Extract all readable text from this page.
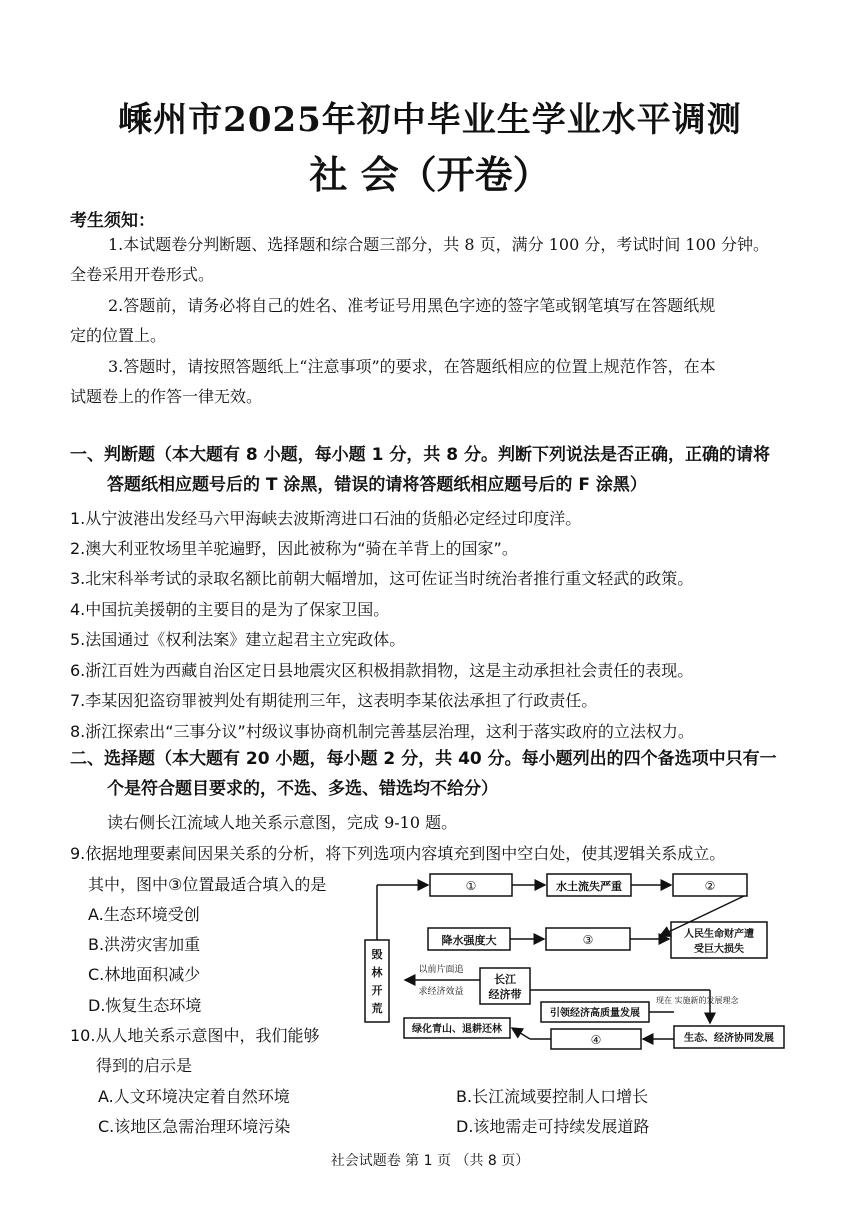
嵊州市2025年初中毕业生学业水平调测
社 会（开卷）
考生须知：
1.本试题卷分判断题、选择题和综合题三部分，共 8 页，满分 100 分，考试时间 100 分钟。
全卷采用开卷形式。
2.答题前，请务必将自己的姓名、准考证号用黑色字迹的签字笔或钢笔填写在答题纸规
定的位置上。
3.答题时，请按照答题纸上“注意事项”的要求，在答题纸相应的位置上规范作答，在本
试题卷上的作答一律无效。
一、判断题（本大题有 8 小题，每小题 1 分，共 8 分。判断下列说法是否正确，正确的请将
答题纸相应题号后的 T 涂黑，错误的请将答题纸相应题号后的 F 涂黑）
1.从宁波港出发经马六甲海峡去波斯湾进口石油的货船必定经过印度洋。
2.澳大利亚牧场里羊驼遍野，因此被称为“骑在羊背上的国家”。
3.北宋科举考试的录取名额比前朝大幅增加，这可佐证当时统治者推行重文轻武的政策。
4.中国抗美援朝的主要目的是为了保家卫国。
5.法国通过《权利法案》建立起君主立宪政体。
6.浙江百姓为西藏自治区定日县地震灾区积极捐款捐物，这是主动承担社会责任的表现。
7.李某因犯盗窃罪被判处有期徒刑三年，这表明李某依法承担了行政责任。
8.浙江探索出“三事分议”村级议事协商机制完善基层治理，这利于落实政府的立法权力。
二、选择题（本大题有 20 小题，每小题 2 分，共 40 分。每小题列出的四个备选项中只有一
个是符合题目要求的，不选、多选、错选均不给分）
读右侧长江流域人地关系示意图，完成 9-10 题。
9.依据地理要素间因果关系的分析，将下列选项内容填充到图中空白处，使其逻辑关系成立。
其中，图中③位置最适合填入的是
A.生态环境受创
B.洪涝灾害加重
C.林地面积减少
D.恢复生态环境
10.从人地关系示意图中，我们能够
得到的启示是
A.人文环境决定着自然环境	B.长江流域要控制人口增长
C.该地区急需治理环境污染	D.该地需走可持续发展道路
①	水土流失严重	②
降水强度大	③	人民生命财产遭
受巨大损失
毁
林
开
荒
以前片面追
求经济效益
长江
经济带	现在 实施新的发展理念
引领经济高质量发展
绿化青山、退耕还林
④	生态、经济协同发展
社会试题卷 第 1 页 （共 8 页）
